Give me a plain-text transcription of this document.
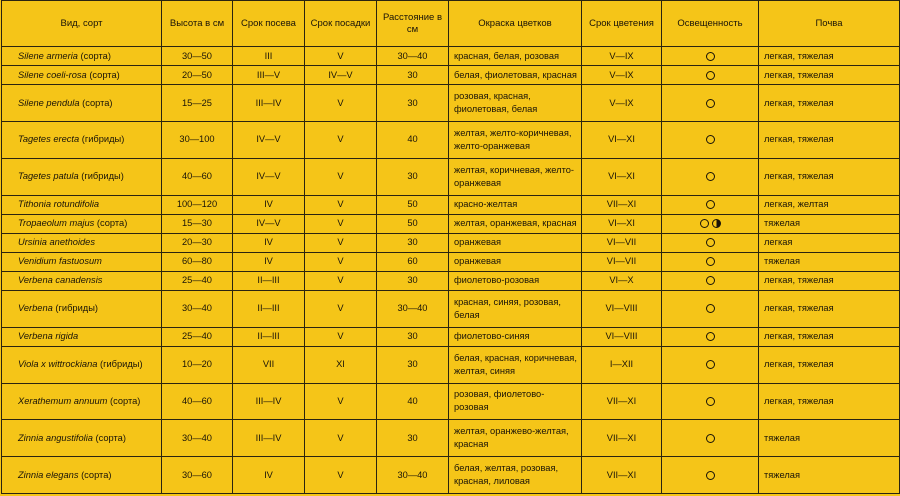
Вид, сорт	Высота в см	Срок посева	Срок посадки	Расстояние в см	Окраска цветков	Срок цветения	Освещенность	Почва
Silene armeria (сорта)	30—50	III	V	30—40	красная, белая, розовая	V—IX		легкая, тяжелая
Silene coeli-rosa (сорта)	20—50	III—V	IV—V	30	белая, фиолетовая, красная	V—IX		легкая, тяжелая
Silene pendula (сорта)	15—25	III—IV	V	30	розовая, красная, фиолетовая, белая	V—IX		легкая, тяжелая
Tagetes erecta (гибриды)	30—100	IV—V	V	40	желтая, желто-коричневая, желто-оранжевая	VI—XI		легкая, тяжелая
Tagetes patula (гибриды)	40—60	IV—V	V	30	желтая, коричневая, желто-оранжевая	VI—XI		легкая, тяжелая
Tithonia rotundifolia	100—120	IV	V	50	красно-желтая	VII—XI		легкая, желтая
Tropaeolum majus (сорта)	15—30	IV—V	V	50	желтая, оранжевая, красная	VI—XI		тяжелая
Ursinia anethoides	20—30	IV	V	30	оранжевая	VI—VII		легкая
Venidium fastuosum	60—80	IV	V	60	оранжевая	VI—VII		тяжелая
Verbena canadensis	25—40	II—III	V	30	фиолетово-розовая	VI—X		легкая, тяжелая
Verbena (гибриды)	30—40	II—III	V	30—40	красная, синяя, розовая, белая	VI—VIII		легкая, тяжелая
Verbena rigida	25—40	II—III	V	30	фиолетово-синяя	VI—VIII		легкая, тяжелая
Viola x wittrockiana (гибриды)	10—20	VII	XI	30	белая, красная, коричневая, желтая, синяя	I—XII		легкая, тяжелая
Xerathemum annuum (сорта)	40—60	III—IV	V	40	розовая, фиолетово-розовая	VII—XI		легкая, тяжелая
Zinnia angustifolia (сорта)	30—40	III—IV	V	30	желтая, оранжево-желтая, красная	VII—XI		тяжелая
Zinnia elegans (сорта)	30—60	IV	V	30—40	белая, желтая, розовая, красная, лиловая	VII—XI		тяжелая
